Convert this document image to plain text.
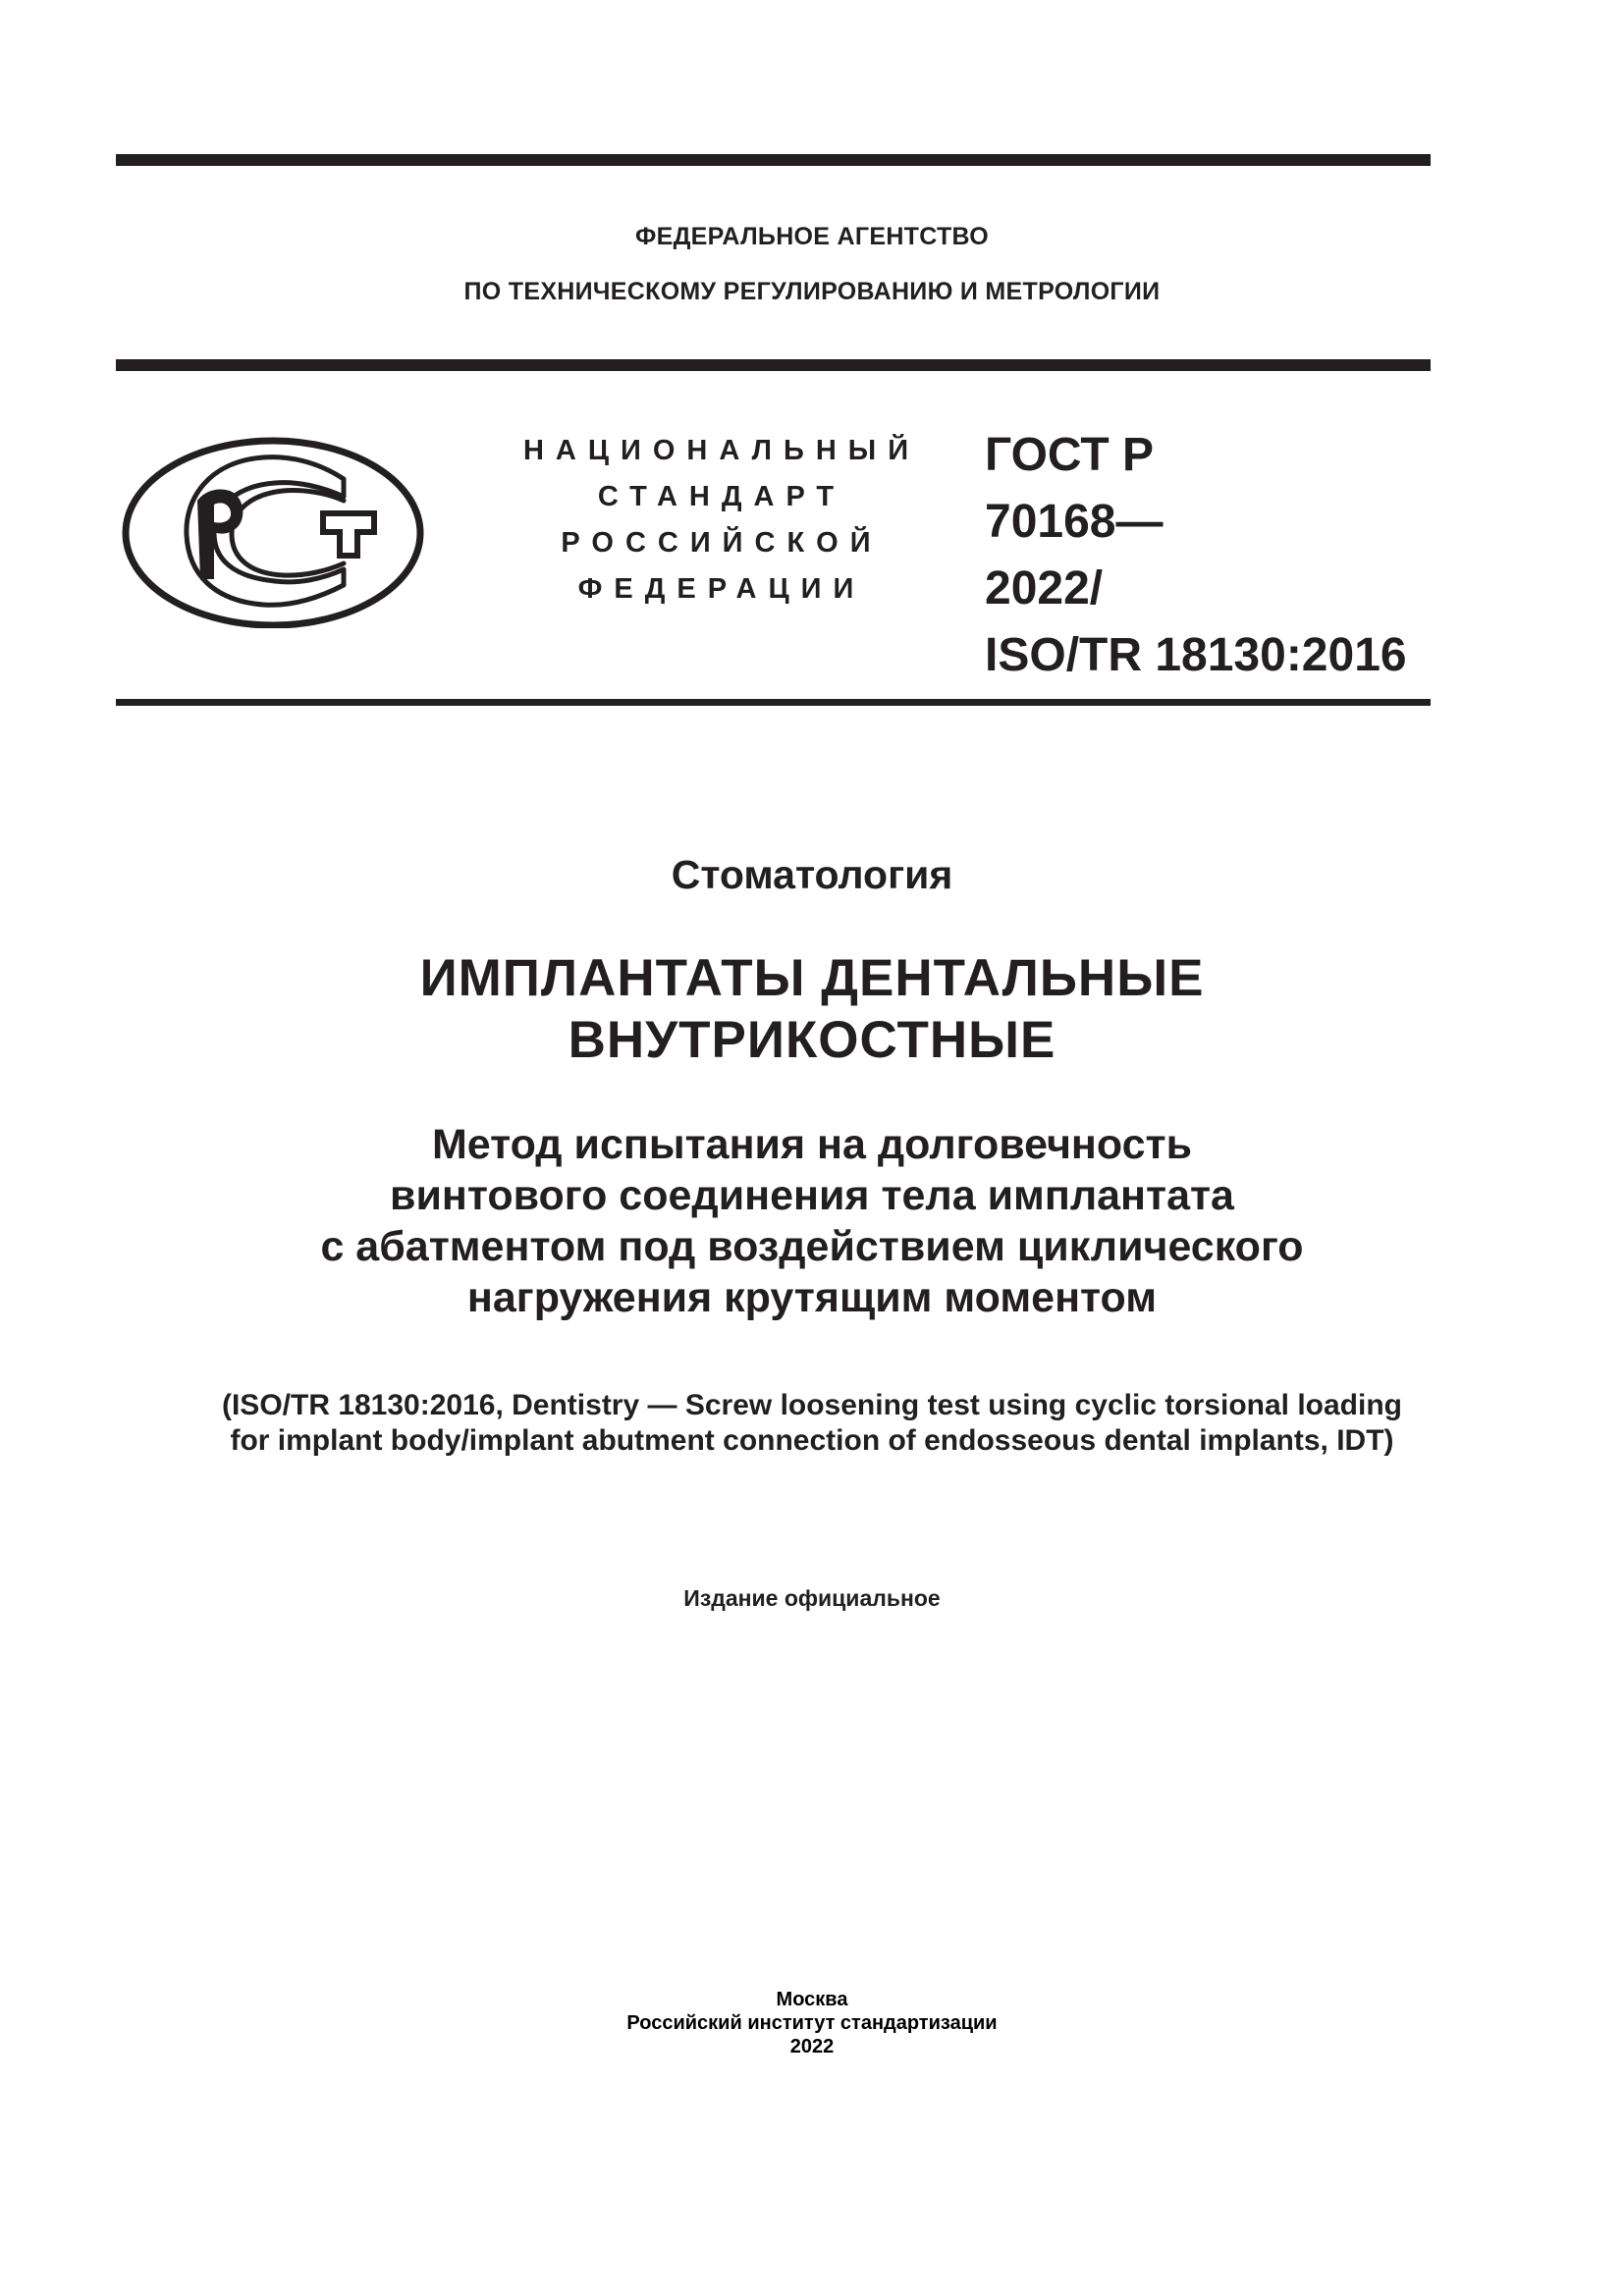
ФЕДЕРАЛЬНОЕ АГЕНТСТВО
ПО ТЕХНИЧЕСКОМУ РЕГУЛИРОВАНИЮ И МЕТРОЛОГИИ
НАЦИОНАЛЬНЫЙ
СТАНДАРТ
РОССИЙСКОЙ
ФЕДЕРАЦИИ
ГОСТ Р
70168—
2022/
ISO/TR 18130:2016
Стоматология
ИМПЛАНТАТЫ ДЕНТАЛЬНЫЕ
ВНУТРИКОСТНЫЕ
Метод испытания на долговечность
винтового соединения тела имплантата
с абатментом под воздействием циклического
нагружения крутящим моментом
(ISO/TR 18130:2016, Dentistry — Screw loosening test using cyclic torsional loading
for implant body/implant abutment connection of endosseous dental implants, IDT)
Издание официальное
Москва
Российский институт стандартизации
2022
